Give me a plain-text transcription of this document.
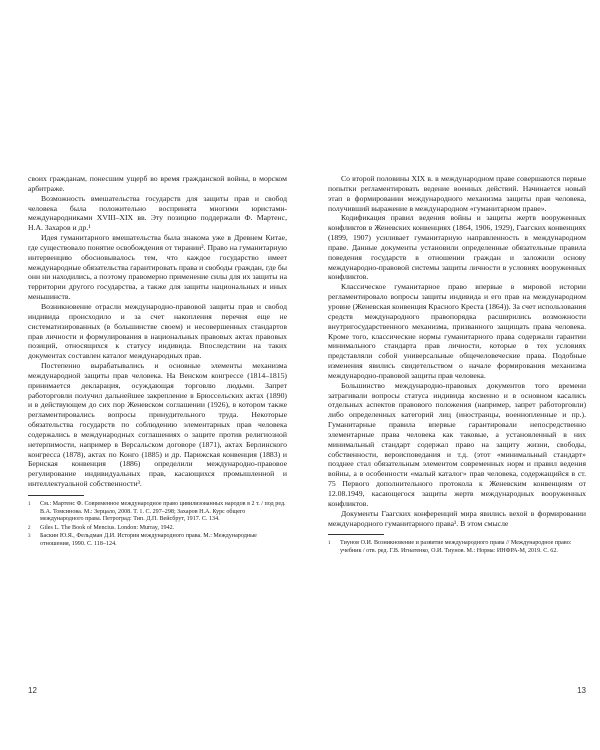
своих гражданам, понесшим ущерб во время гражданской войны, в морском арбитраже.

Возможность вмешательства государств для защиты прав и свобод человека была положительно воспринята многими юристами-международниками XVIII–XIX вв. Эту позицию поддержали Ф. Мартенс, Н.А. Захаров и др.¹

Идея гуманитарного вмешательства была знакома уже в Древнем Китае, где существовало понятие освобождения от тирании². Право на гуманитарную интервенцию обосновывалось тем, что каждое государство имеет международные обязательства гарантировать права и свободы граждан, где бы они ни находились, а поэтому правомерно применение силы для их защиты на территории другого государства, а также для защиты национальных и иных меньшинств.

Возникновение отрасли международно-правовой защиты прав и свобод индивида происходило и за счет накопления перечня еще не систематизированных (в большинстве своем) и несовершенных стандартов прав личности и формулирования в национальных правовых актах правовых позиций, относящихся к статусу индивида. Впоследствии на таких документах составлен каталог международных прав.

Постепенно вырабатывались и основные элементы механизма международной защиты прав человека. На Венском конгрессе (1814–1815) принимается декларация, осуждающая торговлю людьми. Запрет работорговли получил дальнейшее закрепление в Брюссельских актах (1890) и в действующем до сих пор Женевском соглашении (1926), в котором также регламентировались вопросы принудительного труда. Некоторые обязательства государств по соблюдению элементарных прав человека содержались в международных соглашениях о защите против религиозной нетерпимости, например в Версальском договоре (1871), актах Берлинского конгресса (1878), актах по Конго (1885) и др. Парижская конвенция (1883) и Бернская конвенция (1886) определили международно-правовое регулирование индивидуальных прав, касающихся промышленной и интеллектуальной собственности³.

1	См.: Мартенс Ф. Современное международное право цивилизованных народов в 2 т. / под ред. В.А. Томсинова. М.: Зерцало, 2008. Т. 1. С. 297–298; Захаров Н.А. Курс общего международного права. Петроград: Тип. Д.П. Вейсбрут, 1917. С. 134.
2	Giles L. The Book of Mencius. London: Murray, 1942.
3	Баскин Ю.Я., Фельдман Д.И. История международного права. М.: Международные отношения, 1990. С. 118–124.
12

Со второй половины XIX в. в международном праве совершаются первые попытки регламентировать ведение военных действий. Начинается новый этап в формировании международного механизма защиты прав человека, получивший выражение в международном «гуманитарном праве».

Кодификация правил ведения войны и защиты жертв вооруженных конфликтов в Женевских конвенциях (1864, 1906, 1929), Гаагских конвенциях (1899, 1907) усиливает гуманитарную направленность в международном праве. Данные документы установили определенные обязательные правила поведения государств в отношении граждан и заложили основу международно-правовой системы защиты личности в условиях вооруженных конфликтов.

Классическое гуманитарное право впервые в мировой истории регламентировало вопросы защиты индивида и его прав на международном уровне (Женевская конвенция Красного Креста (1864)). За счет использования средств международного правопорядка расширились возможности внутригосударственного механизма, призванного защищать права человека. Кроме того, классические нормы гуманитарного права содержали гарантии минимального стандарта прав личности, которые в тех условиях представляли собой универсальные общечеловеческие права. Подобные изменения явились свидетельством о начале формирования механизма международно-правовой защиты прав человека.

Большинство международно-правовых документов того времени затрагивали вопросы статуса индивида косвенно и в основном касались отдельных аспектов правового положения (например, запрет работорговли) либо определенных категорий лиц (иностранцы, военнопленные и пр.). Гуманитарные правила впервые гарантировали непосредственно элементарные права человека как таковые, а установленный в них минимальный стандарт содержал право на защиту жизни, свободы, собственности, вероисповедания и т.д. (этот «минимальный стандарт» позднее стал обязательным элементом современных норм и правил ведения войны, а в особенности «малый каталог» прав человека, содержащийся в ст. 75 Первого дополнительного протокола к Женевским конвенциям от 12.08.1949, касающегося защиты жертв международных вооруженных конфликтов.

Документы Гаагских конференций мира явились вехой в формировании международного гуманитарного права¹. В этом смысле

1	Тиунов О.И. Возникновение и развитие международного права // Международное право: учебник / отв. ред. Г.В. Игнатенко, О.И. Тиунов. М.: Норма: ИНФРА-М, 2019. С. 62.
13
